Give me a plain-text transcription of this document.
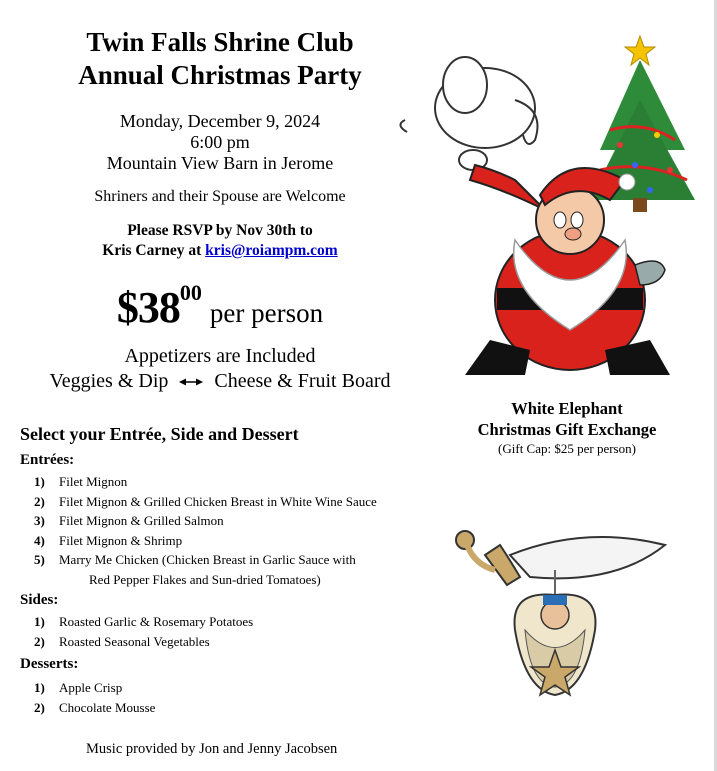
Twin Falls Shrine Club
Annual Christmas Party
Monday, December 9, 2024
6:00 pm
Mountain View Barn in Jerome
Shriners and their Spouse are Welcome
Please RSVP by Nov 30th to
Kris Carney at kris@roiampm.com
$3800per person
Appetizers are Included
Veggies & Dip Cheese & Fruit Board
White Elephant
Christmas Gift Exchange
(Gift Cap: $25 per person)
Select your Entrée, Side and Dessert
Entrées:
1) Filet Mignon
2) Filet Mignon & Grilled Chicken Breast in White Wine Sauce
3) Filet Mignon & Grilled Salmon
4) Filet Mignon & Shrimp
5) Marry Me Chicken (Chicken Breast in Garlic Sauce with
Red Pepper Flakes and Sun-dried Tomatoes)
Sides:
1) Roasted Garlic & Rosemary Potatoes
2) Roasted Seasonal Vegetables
Desserts:
1) Apple Crisp
2) Chocolate Mousse
Music provided by Jon and Jenny Jacobsen
